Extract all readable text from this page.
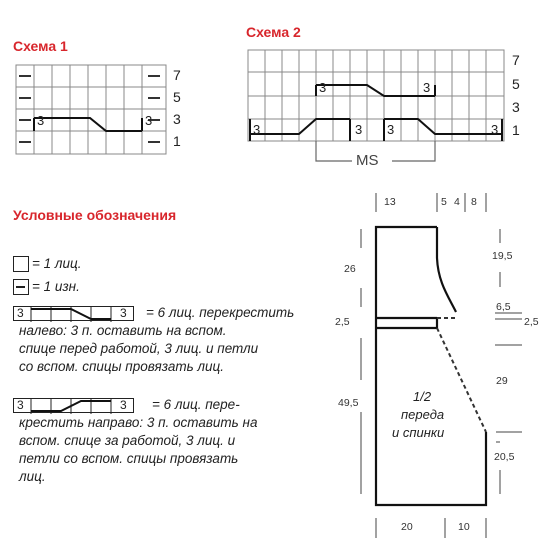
Схема 1
Схема 2
Условные обозначения
7
5
3
1
3	3
7
5
3
1
3	3
3	3 3	3
MS
= 1 лиц.
= 1 изн.
3	3 = 6 лиц. перекрестить
налево: 3 п. оставить на вспом.
спице перед работой, 3 лиц. и петли
со вспом. спицы провязать лиц.
3	3 = 6 лиц. пере-
крестить направо: 3 п. оставить на
вспом. спице за работой, 3 лиц. и
петли со вспом. спицы провязать
лиц.
13	5 4 8
20	10
26
2,5
49,5
19,5
6,5
2,5
29
20,5
1/2
переда
и спинки
